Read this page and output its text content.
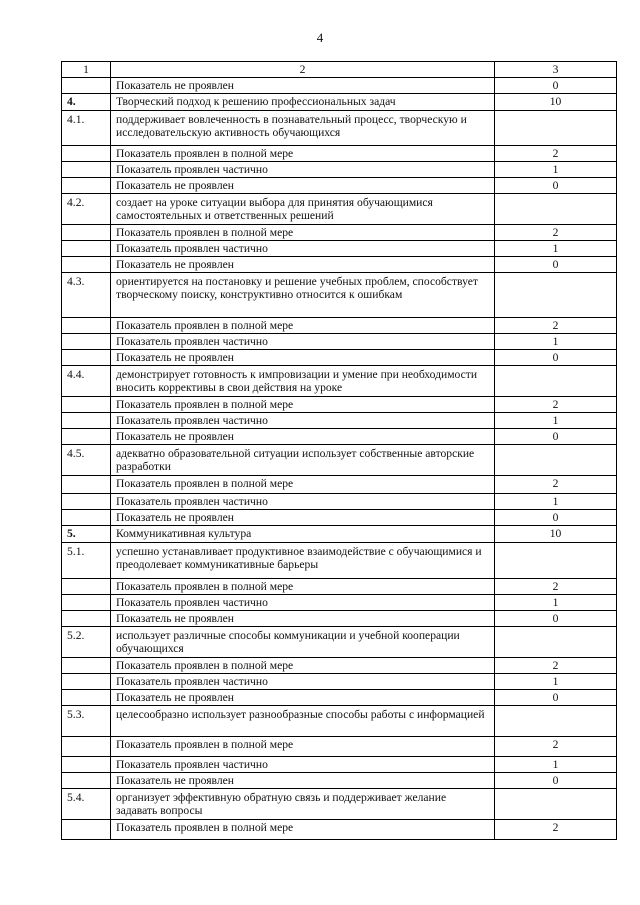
4
1	2	3
	Показатель не проявлен	0
4.	Творческий подход к решению профессиональных задач	10
4.1.	поддерживает вовлеченность в познавательный процесс, творческую и исследовательскую активность обучающихся	
	Показатель проявлен в полной мере	2
	Показатель проявлен частично	1
	Показатель не проявлен	0
4.2.	создает на уроке ситуации выбора для принятия обучающимися самостоятельных и ответственных решений	
	Показатель проявлен в полной мере	2
	Показатель проявлен частично	1
	Показатель не проявлен	0
4.3.	ориентируется на постановку и решение учебных проблем, способствует творческому поиску, конструктивно относится к ошибкам	
	Показатель проявлен в полной мере	2
	Показатель проявлен частично	1
	Показатель не проявлен	0
4.4.	демонстрирует готовность к импровизации и умение при необходимости вносить коррективы в свои действия на уроке	
	Показатель проявлен в полной мере	2
	Показатель проявлен частично	1
	Показатель не проявлен	0
4.5.	адекватно образовательной ситуации использует собственные авторские разработки	
	Показатель проявлен в полной мере	2
	Показатель проявлен частично	1
	Показатель не проявлен	0
5.	Коммуникативная культура	10
5.1.	успешно устанавливает продуктивное взаимодействие с обучающимися и преодолевает коммуникативные барьеры	
	Показатель проявлен в полной мере	2
	Показатель проявлен частично	1
	Показатель не проявлен	0
5.2.	использует различные способы коммуникации и учебной кооперации обучающихся	
	Показатель проявлен в полной мере	2
	Показатель проявлен частично	1
	Показатель не проявлен	0
5.3.	целесообразно использует разнообразные способы работы с информацией	
	Показатель проявлен в полной мере	2
	Показатель проявлен частично	1
	Показатель не проявлен	0
5.4.	организует эффективную обратную связь и поддерживает желание задавать вопросы	
	Показатель проявлен в полной мере	2
